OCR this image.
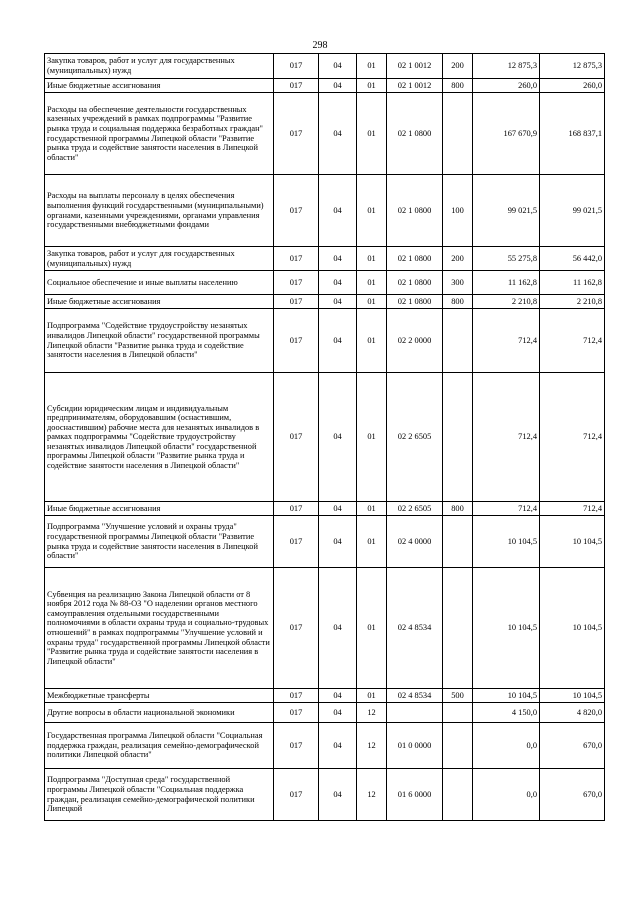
298
Закупка товаров, работ и услуг для государственных (муниципальных) нужд	017	04	01	02 1 0012	200	12 875,3	12 875,3
Иные бюджетные ассигнования	017	04	01	02 1 0012	800	260,0	260,0
Расходы на обеспечение деятельности государственных казенных учреждений в рамках подпрограммы "Развитие рынка труда и социальная поддержка безработных граждан" государственной программы Липецкой области "Развитие рынка труда и содействие занятости населения в Липецкой области"	017	04	01	02 1 0800		167 670,9	168 837,1
Расходы на выплаты персоналу в целях обеспечения выполнения функций государственными (муниципальными) органами, казенными учреждениями, органами управления государственными внебюджетными фондами	017	04	01	02 1 0800	100	99 021,5	99 021,5
Закупка товаров, работ и услуг для государственных (муниципальных) нужд	017	04	01	02 1 0800	200	55 275,8	56 442,0
Социальное обеспечение и иные выплаты населению	017	04	01	02 1 0800	300	11 162,8	11 162,8
Иные бюджетные ассигнования	017	04	01	02 1 0800	800	2 210,8	2 210,8
Подпрограмма "Содействие трудоустройству незанятых инвалидов Липецкой области" государственной программы Липецкой области "Развитие рынка труда и содействие занятости населения в Липецкой области"	017	04	01	02 2 0000		712,4	712,4
Субсидии юридическим лицам и индивидуальным предпринимателям, оборудовавшим (оснастившим, дооснастившим) рабочие места для незанятых инвалидов в рамках подпрограммы "Содействие трудоустройству незанятых инвалидов Липецкой области" государственной программы Липецкой области "Развитие рынка труда и содействие занятости населения в Липецкой области"	017	04	01	02 2 6505		712,4	712,4
Иные бюджетные ассигнования	017	04	01	02 2 6505	800	712,4	712,4
Подпрограмма "Улучшение условий и охраны труда" государственной программы Липецкой области "Развитие рынка труда и содействие занятости населения в Липецкой области"	017	04	01	02 4 0000		10 104,5	10 104,5
Субвенция на реализацию Закона Липецкой области от 8 ноября 2012 года № 88-ОЗ "О наделении органов местного самоуправления отдельными государственными полномочиями в области охраны труда и социально-трудовых отношений" в рамках подпрограммы "Улучшение условий и охраны труда" государственной программы Липецкой области "Развитие рынка труда и содействие занятости населения в Липецкой области"	017	04	01	02 4 8534		10 104,5	10 104,5
Межбюджетные трансферты	017	04	01	02 4 8534	500	10 104,5	10 104,5
Другие вопросы в области национальной экономики	017	04	12			4 150,0	4 820,0
Государственная программа Липецкой области "Социальная поддержка граждан, реализация семейно-демографической политики Липецкой области"	017	04	12	01 0 0000		0,0	670,0
Подпрограмма "Доступная среда" государственной программы Липецкой области "Социальная поддержка граждан, реализация семейно-демографической политики Липецкой	017	04	12	01 6 0000		0,0	670,0
